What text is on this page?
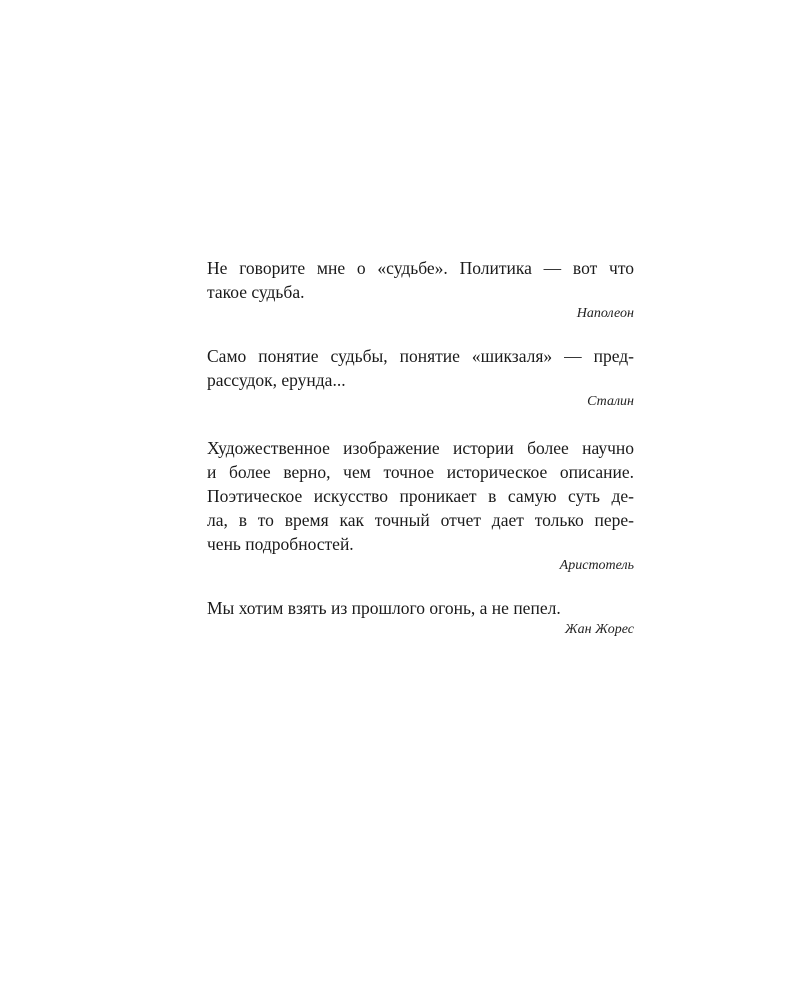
Не говорите мне о «судьбе». Политика — вот что
такое судьба.
Наполеон
Само понятие судьбы, понятие «шикзаля» — пред-
рассудок, ерунда...
Сталин
Художественное изображение истории более научно
и более верно, чем точное историческое описание.
Поэтическое искусство проникает в самую суть де-
ла, в то время как точный отчет дает только пере-
чень подробностей.
Аристотель
Мы хотим взять из прошлого огонь, а не пепел.
Жан Жорес
